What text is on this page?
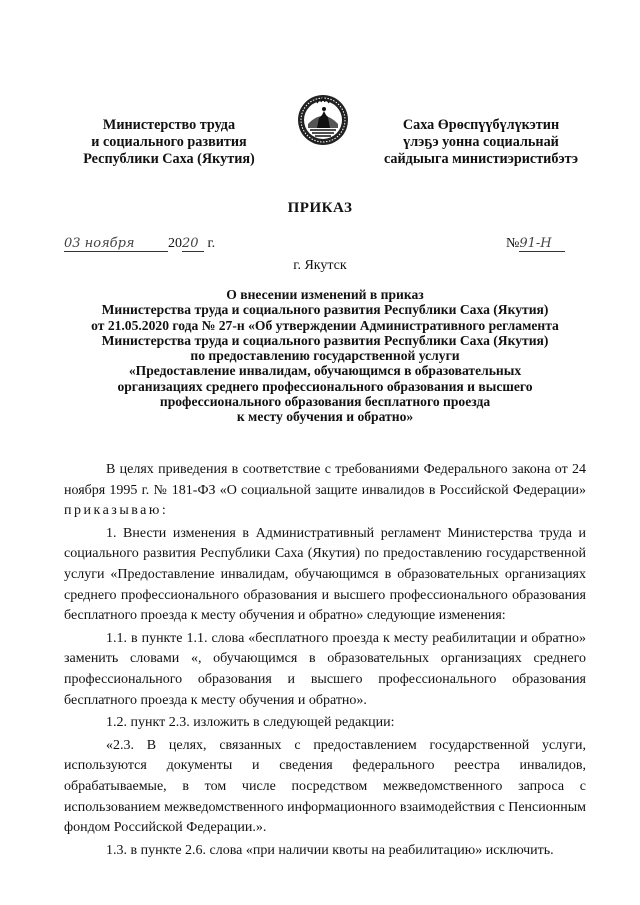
Министерство труда
и социального развития
Республики Саха (Якутия)
Саха Өрөспүүбүлүкэтин
үлэҕэ уонна социальнай
сайдыыга министиэристибэтэ
ПРИКАЗ
03 ноября 2020 г.	№91-Н
г. Якутск
О внесении изменений в приказ
Министерства труда и социального развития Республики Саха (Якутия)
от 21.05.2020 года № 27-н «Об утверждении Административного регламента
Министерства труда и социального развития Республики Саха (Якутия)
по предоставлению государственной услуги
«Предоставление инвалидам, обучающимся в образовательных
организациях среднего профессионального образования и высшего
профессионального образования бесплатного проезда
к месту обучения и обратно»

В целях приведения в соответствие с требованиями Федерального закона от 24 ноября 1995 г. № 181-ФЗ «О социальной защите инвалидов в Российской Федерации» приказываю:

1. Внести изменения в Административный регламент Министерства труда и социального развития Республики Саха (Якутия) по предоставлению государственной услуги «Предоставление инвалидам, обучающимся в образовательных организациях среднего профессионального образования и высшего профессионального образования бесплатного проезда к месту обучения и обратно» следующие изменения:

1.1. в пункте 1.1. слова «бесплатного проезда к месту реабилитации и обратно» заменить словами «, обучающимся в образовательных организациях среднего профессионального образования и высшего профессионального образования бесплатного проезда к месту обучения и обратно».

1.2. пункт 2.3. изложить в следующей редакции:

«2.3. В целях, связанных с предоставлением государственной услуги, используются документы и сведения федерального реестра инвалидов, обрабатываемые, в том числе посредством межведомственного запроса с использованием межведомственного информационного взаимодействия с Пенсионным фондом Российской Федерации.».

1.3. в пункте 2.6. слова «при наличии квоты на реабилитацию» исключить.
